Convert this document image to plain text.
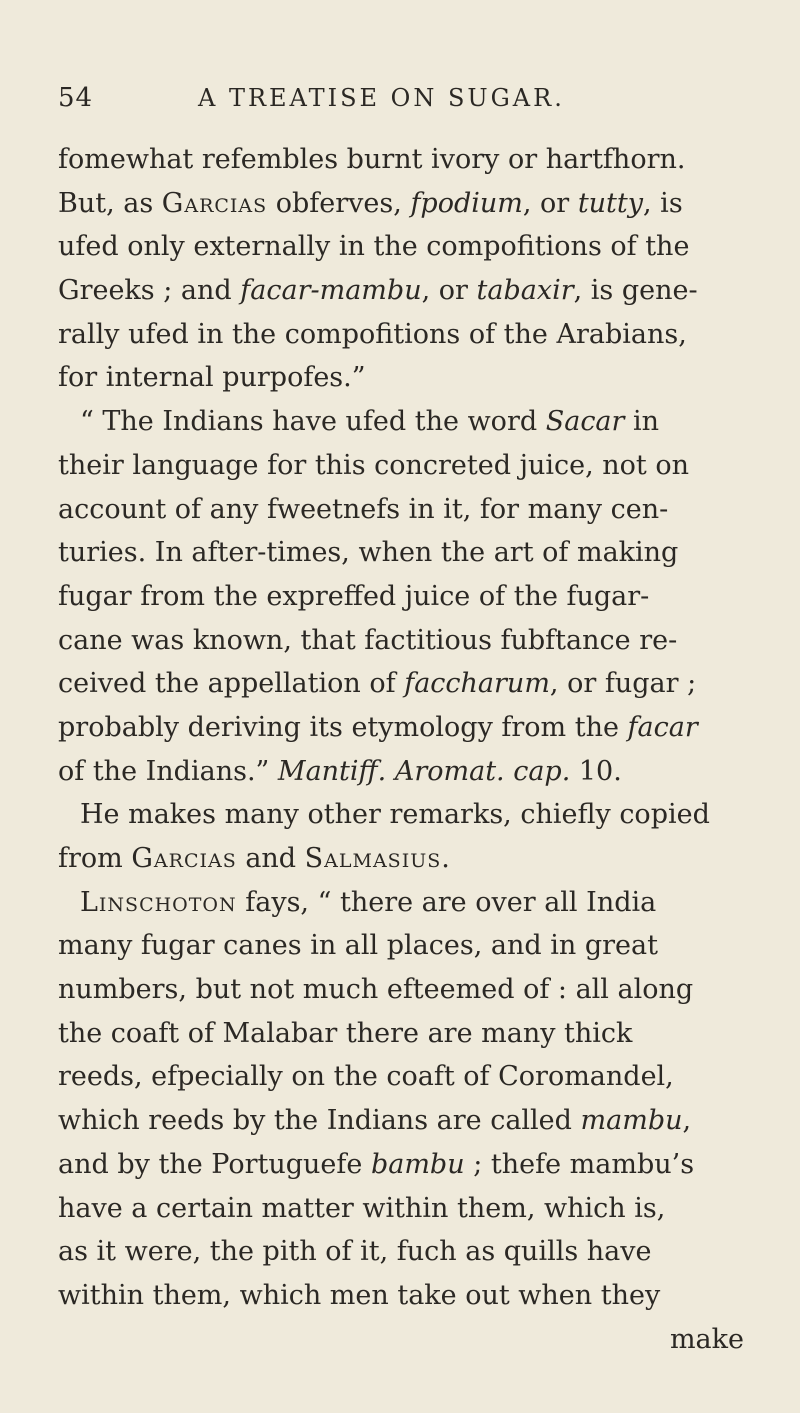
54	A TREATISE ON SUGAR.
fomewhat refembles burnt ivory or hartfhorn.
But, as Garcias obferves, fpodium, or tutty, is
ufed only externally in the compofitions of the
Greeks ; and facar-mambu, or tabaxir, is gene-
rally ufed in the compofitions of the Arabians,
for internal purpofes.”
“ The Indians have ufed the word Sacar in
their language for this concreted juice, not on
account of any fweetnefs in it, for many cen-
turies. In after-times, when the art of making
fugar from the expreffed juice of the fugar-
cane was known, that factitious fubftance re-
ceived the appellation of faccharum, or fugar ;
probably deriving its etymology from the facar
of the Indians.” Mantiff. Aromat. cap. 10.
He makes many other remarks, chiefly copied
from Garcias and Salmasius.
Linschoton fays, “ there are over all India
many fugar canes in all places, and in great
numbers, but not much efteemed of : all along
the coaft of Malabar there are many thick
reeds, efpecially on the coaft of Coromandel,
which reeds by the Indians are called mambu,
and by the Portuguefe bambu ; thefe mambu’s
have a certain matter within them, which is,
as it were, the pith of it, fuch as quills have
within them, which men take out when they
make
